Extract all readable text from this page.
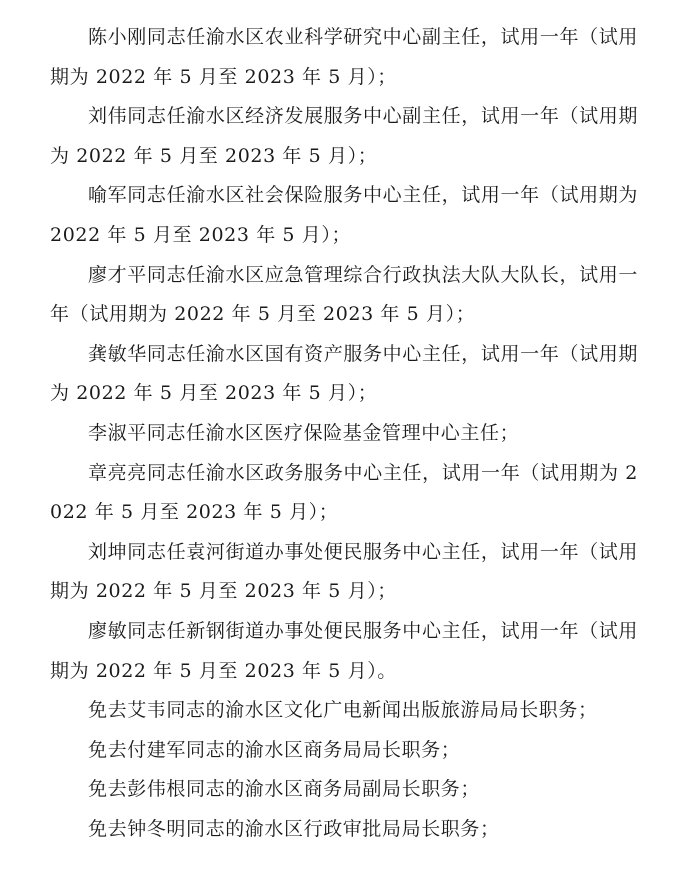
陈小刚同志任渝水区农业科学研究中心副主任，试用一年（试用期为 2022 年 5 月至 2023 年 5 月）；

刘伟同志任渝水区经济发展服务中心副主任，试用一年（试用期为 2022 年 5 月至 2023 年 5 月）；

喻军同志任渝水区社会保险服务中心主任，试用一年（试用期为 2022 年 5 月至 2023 年 5 月）；

廖才平同志任渝水区应急管理综合行政执法大队大队长，试用一年（试用期为 2022 年 5 月至 2023 年 5 月）；

龚敏华同志任渝水区国有资产服务中心主任，试用一年（试用期为 2022 年 5 月至 2023 年 5 月）；

李淑平同志任渝水区医疗保险基金管理中心主任；

章亮亮同志任渝水区政务服务中心主任，试用一年（试用期为 2022 年 5 月至 2023 年 5 月）；

刘坤同志任袁河街道办事处便民服务中心主任，试用一年（试用期为 2022 年 5 月至 2023 年 5 月）；

廖敏同志任新钢街道办事处便民服务中心主任，试用一年（试用期为 2022 年 5 月至 2023 年 5 月）。

免去艾韦同志的渝水区文化广电新闻出版旅游局局长职务；

免去付建军同志的渝水区商务局局长职务；

免去彭伟根同志的渝水区商务局副局长职务；

免去钟冬明同志的渝水区行政审批局局长职务；
